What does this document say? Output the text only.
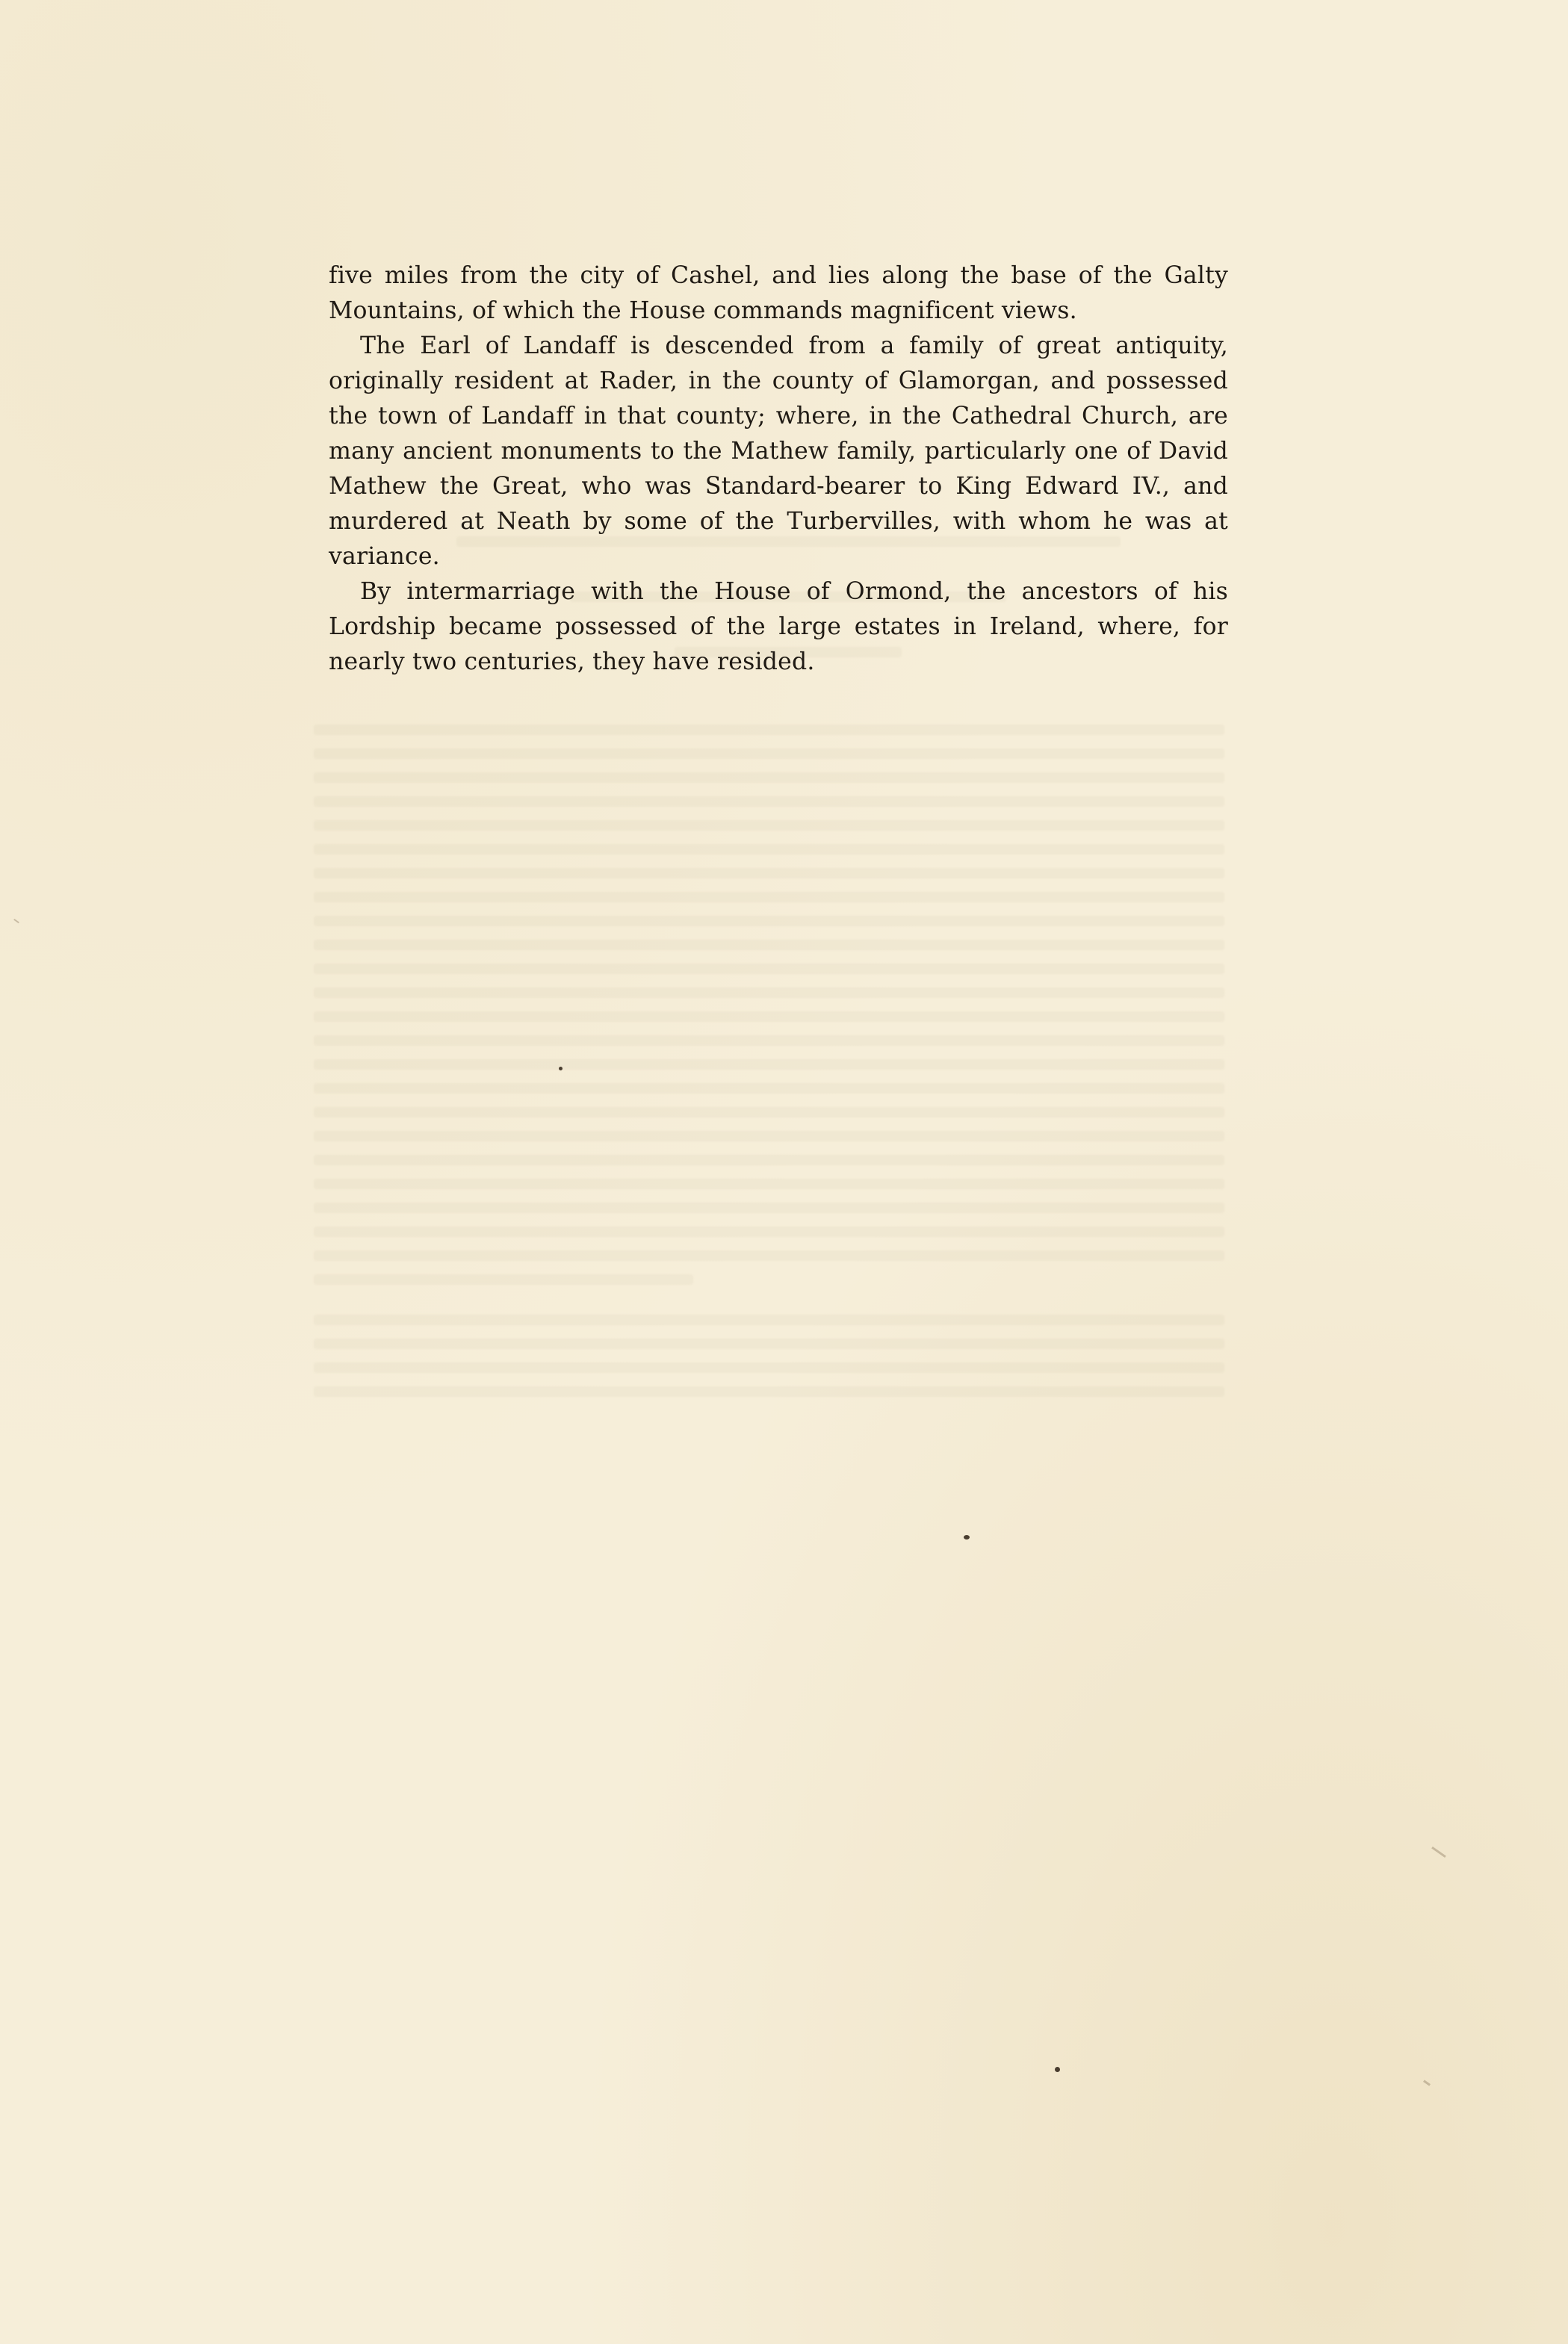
five miles from the city of Cashel, and lies along the base of the Galty Mountains, of which the House commands magnificent views.

The Earl of Landaff is descended from a family of great antiquity, originally resident at Rader, in the county of Glamorgan, and possessed the town of Landaff in that county; where, in the Cathedral Church, are many ancient monuments to the Mathew family, particularly one of David Mathew the Great, who was Standard-bearer to King Edward IV., and murdered at Neath by some of the Turbervilles, with whom he was at variance.

By intermarriage with the House of Ormond, the ancestors of his Lordship became possessed of the large estates in Ireland, where, for nearly two centuries, they have resided.
